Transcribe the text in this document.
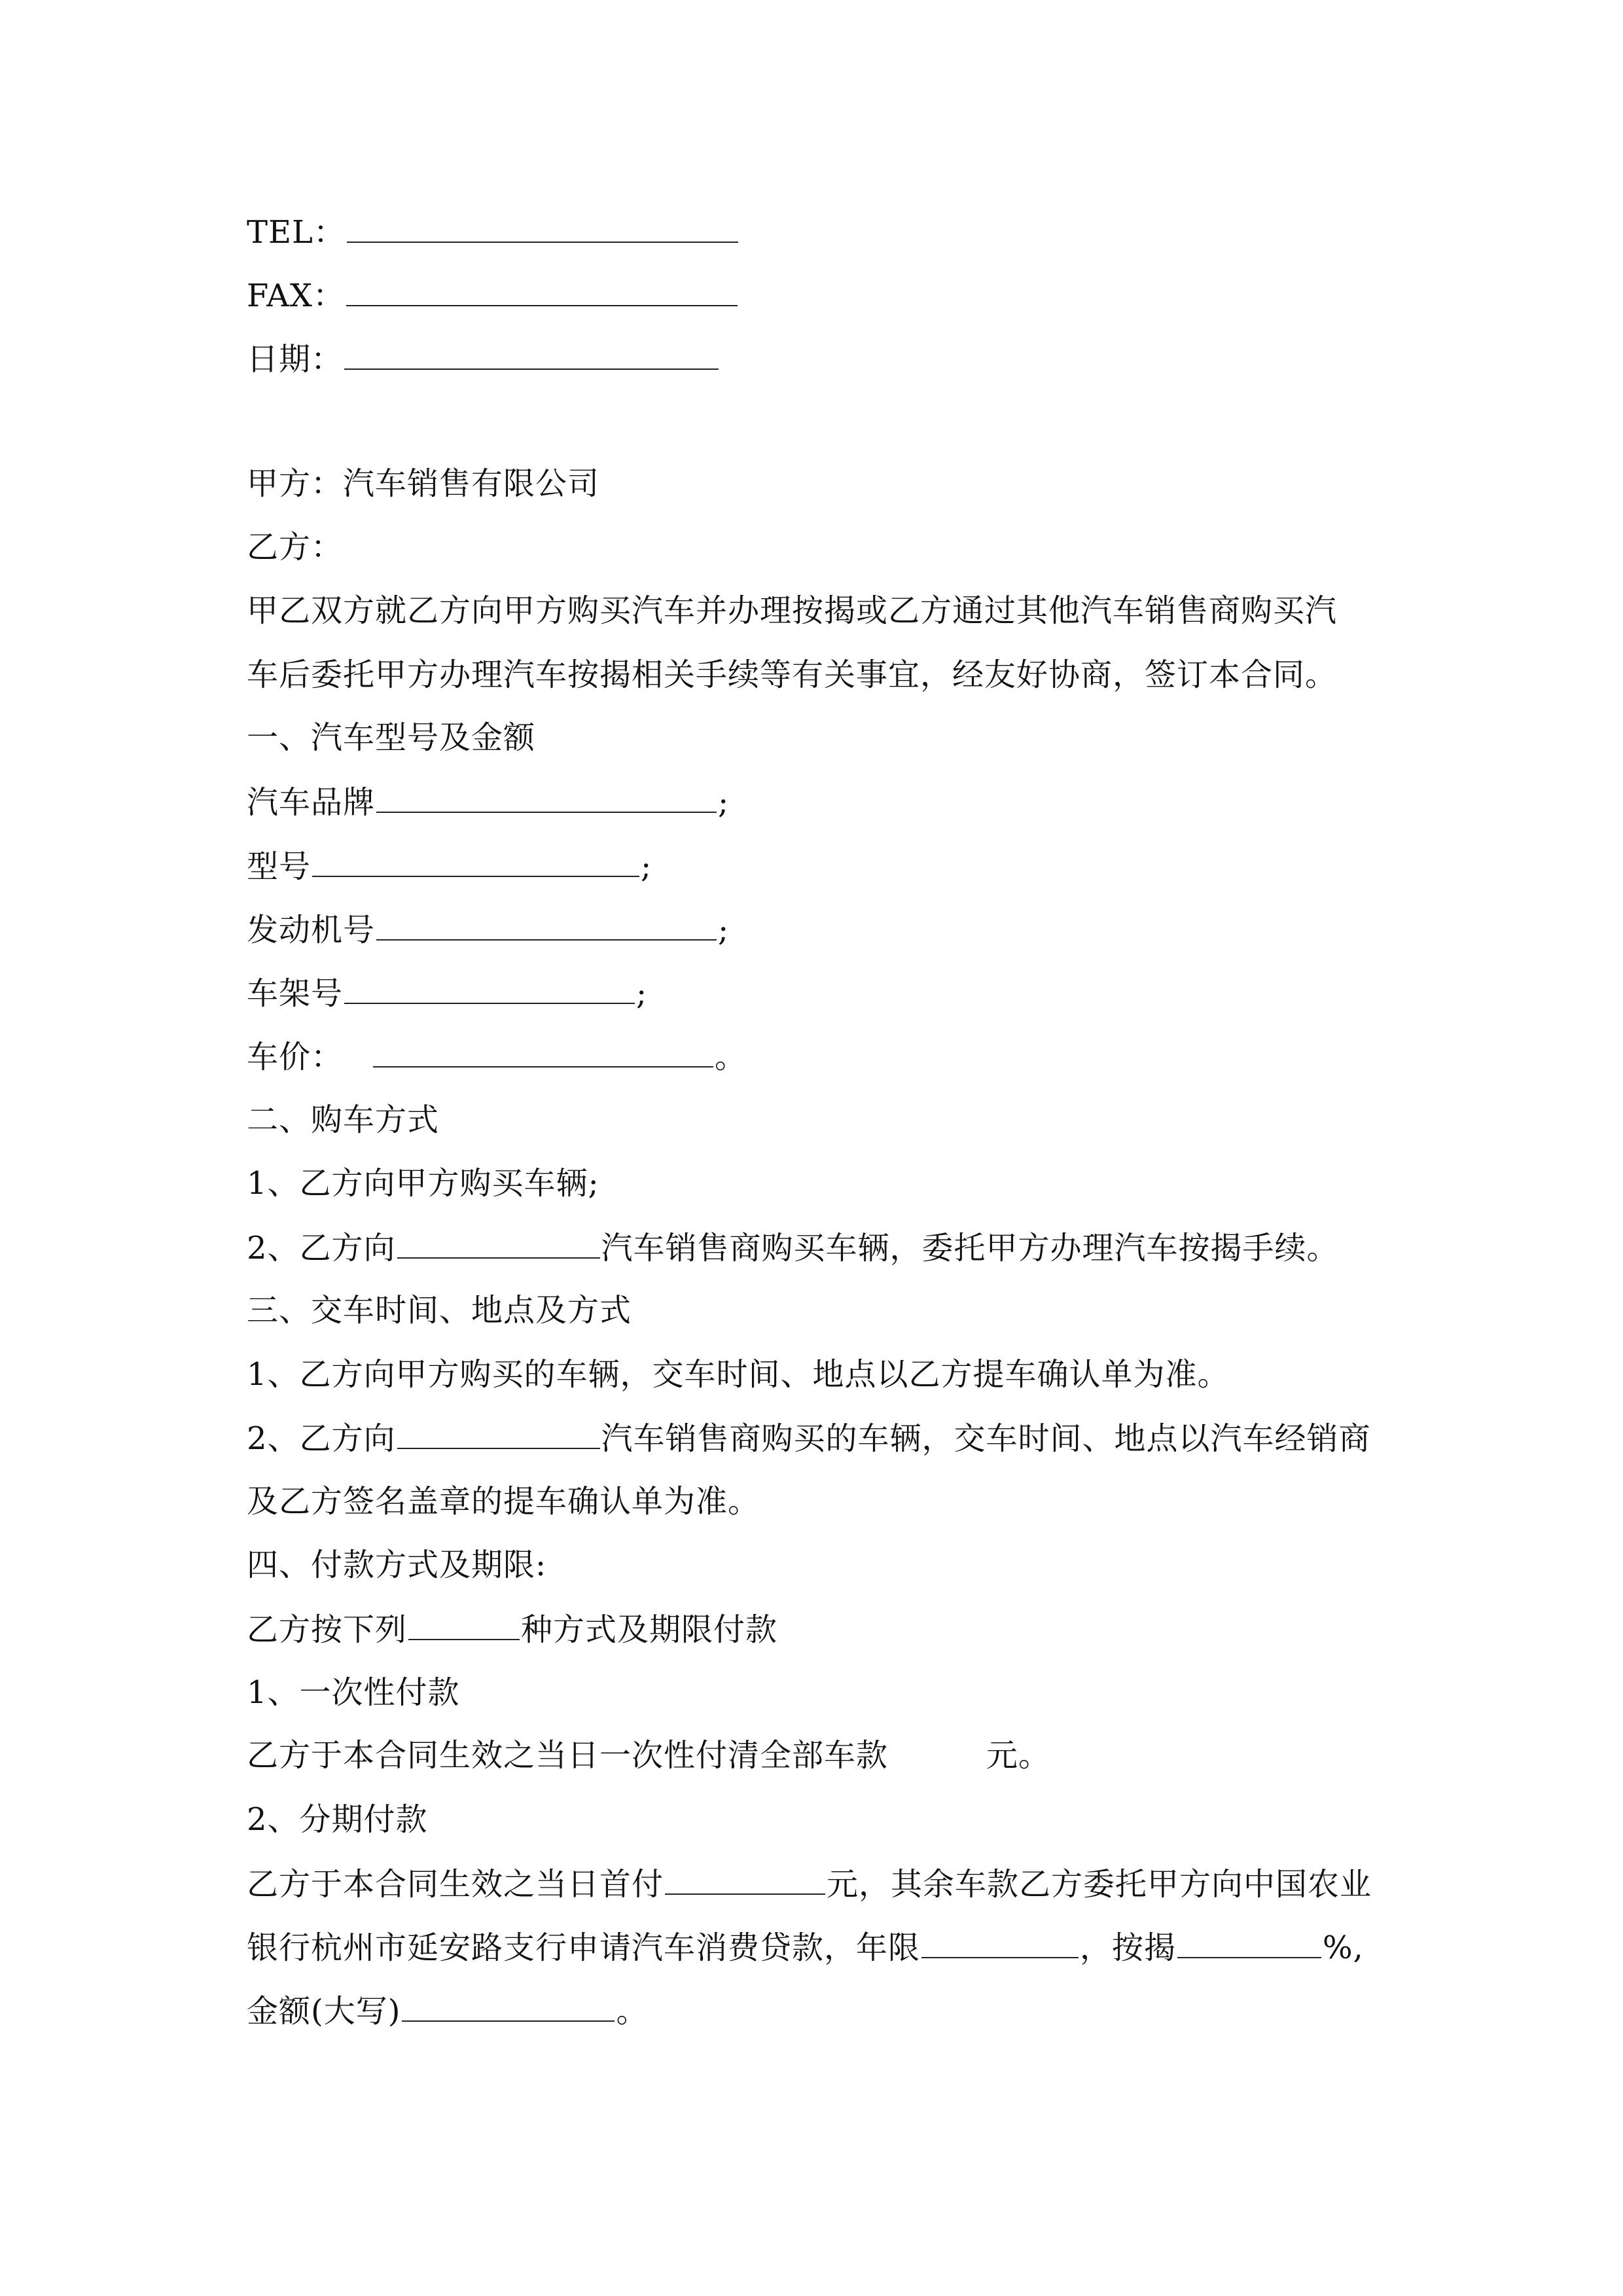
TEL：
FAX：
日期：
甲方：汽车销售有限公司
乙方：
甲乙双方就乙方向甲方购买汽车并办理按揭或乙方通过其他汽车销售商购买汽
车后委托甲方办理汽车按揭相关手续等有关事宜，经友好协商，签订本合同。
一、汽车型号及金额
汽车品牌	;
型号	;
发动机号	;
车架号	;
车价：	。
二、购车方式
1、乙方向甲方购买车辆;
2、乙方向	汽车销售商购买车辆，委托甲方办理汽车按揭手续。
三、交车时间、地点及方式
1、乙方向甲方购买的车辆，交车时间、地点以乙方提车确认单为准。
2、乙方向	汽车销售商购买的车辆，交车时间、地点以汽车经销商
及乙方签名盖章的提车确认单为准。
四、付款方式及期限:
乙方按下列	种方式及期限付款
1、一次性付款
乙方于本合同生效之当日一次性付清全部车款	元。
2、分期付款
乙方于本合同生效之当日首付	元，其余车款乙方委托甲方向中国农业
银行杭州市延安路支行申请汽车消费贷款，年限	，按揭	%,
金额(大写)	。
